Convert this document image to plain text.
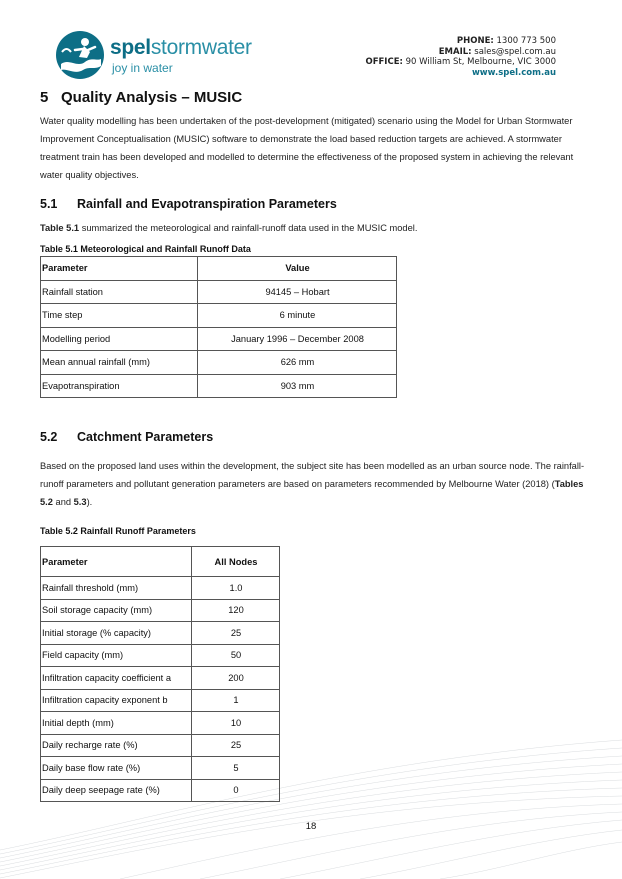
spelstormwater
joy in water
PHONE: 1300 773 500
EMAIL: sales@spel.com.au
OFFICE: 90 William St, Melbourne, VIC 3000
www.spel.com.au
5 Quality Analysis – MUSIC

Water quality modelling has been undertaken of the post-development (mitigated) scenario using the Model for Urban Stormwater Improvement Conceptualisation (MUSIC) software to demonstrate the load based reduction targets are achieved. A stormwater treatment train has been developed and modelled to determine the effectiveness of the proposed system in achieving the relevant water quality objectives.

5.1 Rainfall and Evapotranspiration Parameters

Table 5.1 summarized the meteorological and rainfall-runoff data used in the MUSIC model.

Table 5.1 Meteorological and Rainfall Runoff Data

Parameter	Value
Rainfall station	94145 – Hobart
Time step	6 minute
Modelling period	January 1996 – December 2008
Mean annual rainfall (mm)	626 mm
Evapotranspiration	903 mm
5.2 Catchment Parameters

Based on the proposed land uses within the development, the subject site has been modelled as an urban source node. The rainfall-runoff parameters and pollutant generation parameters are based on parameters recommended by Melbourne Water (2018) (Tables 5.2 and 5.3).

Table 5.2 Rainfall Runoff Parameters

Parameter	All Nodes
Rainfall threshold (mm)	1.0
Soil storage capacity (mm)	120
Initial storage (% capacity)	25
Field capacity (mm)	50
Infiltration capacity coefficient a	200
Infiltration capacity exponent b	1
Initial depth (mm)	10
Daily recharge rate (%)	25
Daily base flow rate (%)	5
Daily deep seepage rate (%)	0
18
